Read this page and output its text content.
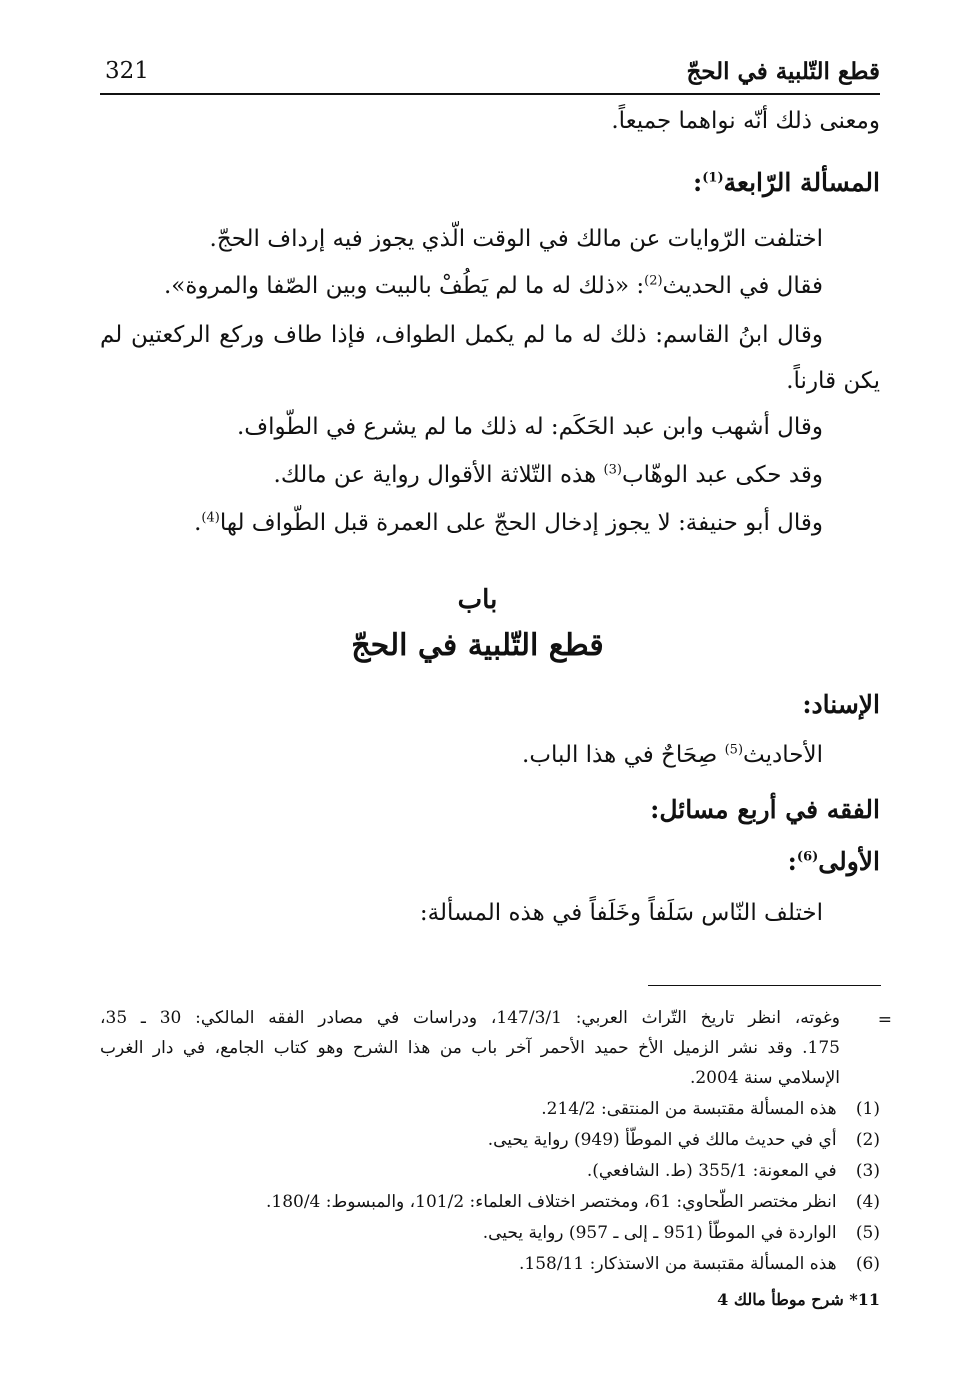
قطع التّلبية في الحجّ
321
ومعنى ذلك أنّه نواهما جميعاً.
المسألة الرّابعة$^{(1)}$:
اختلفت الرّوايات عن مالك في الوقت الّذي يجوز فيه إرداف الحجّ.
فقال في الحديث$^{(2)}$: «ذلك له ما لم يَطُفْ بالبيت وبين الصّفا والمروة».
وقال ابنُ القاسم: ذلك له ما لم يكمل الطواف، فإذا طاف وركع الركعتين لم
يكن قارناً.
وقال أشهب وابن عبد الحَكَم: له ذلك ما لم يشرع في الطّواف.
وقد حكى عبد الوهّاب$^{(3)}$ هذه التّلاثة الأقوال رواية عن مالك.
وقال أبو حنيفة: لا يجوز إدخال الحجّ على العمرة قبل الطّواف لها$^{(4)}$.
باب
قطع التّلبية في الحجّ
الإسناد:
الأحاديث$^{(5)}$ صِحَاحٌ في هذا الباب.
الفقه في أربع مسائل:
الأولى$^{(6)}$:
اختلف النّاس سَلَفاً وخَلَفاً في هذه المسألة:
=
وغوته، انظر تاريخ التّراث العربي: 147/3/1، ودراسات في مصادر الفقه المالكي: 30 ـ 35،
175. وقد نشر الزميل الأخ حميد الأحمر آخر باب من هذا الشرح وهو كتاب الجامع، في دار الغرب
الإسلامي سنة 2004.
(1) هذه المسألة مقتبسة من المنتقى: 214/2.
(2) أي في حديث مالك في الموطّأ (949) رواية يحيى.
(3) في المعونة: 355/1 (ط. الشافعي).
(4) انظر مختصر الطّحاوي: 61، ومختصر اختلاف العلماء: 101/2، والمبسوط: 180/4.
(5) الواردة في الموطّأ (951 ـ إلى ـ 957) رواية يحيى.
(6) هذه المسألة مقتبسة من الاستذكار: 158/11.
11* شرح موطأ مالك 4
